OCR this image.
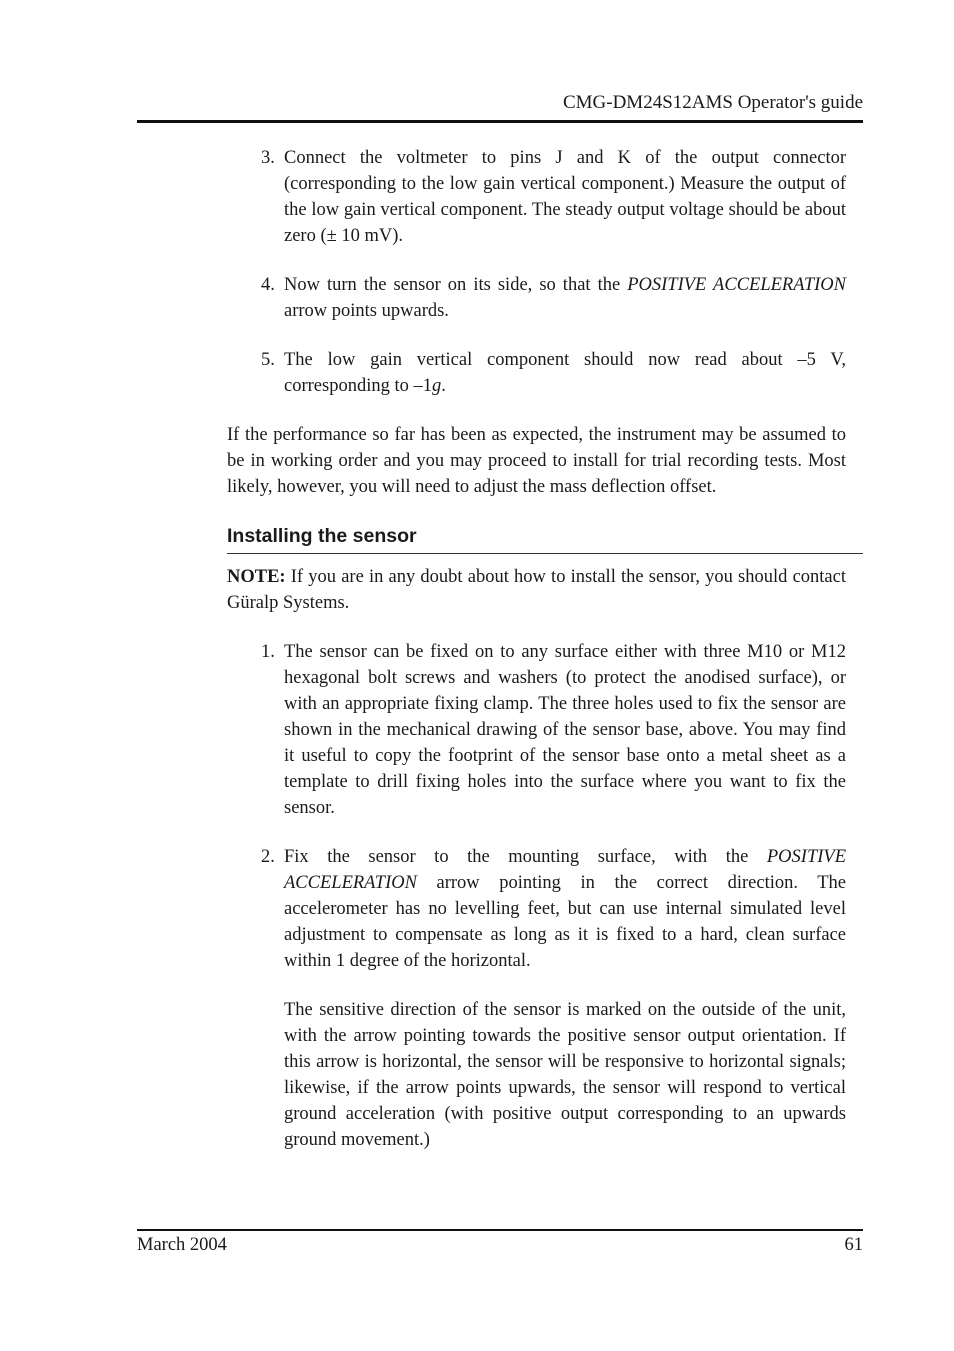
CMG-DM24S12AMS Operator's guide
3. Connect the voltmeter to pins J and K of the output connector (corresponding to the low gain vertical component.) Measure the output of the low gain vertical component. The steady output voltage should be about zero (± 10 mV).

4. Now turn the sensor on its side, so that the POSITIVE ACCELERATION arrow points upwards.

5. The low gain vertical component should now read about –5 V, corresponding to –1g.

If the performance so far has been as expected, the instrument may be assumed to be in working order and you may proceed to install for trial recording tests. Most likely, however, you will need to adjust the mass deflection offset.

Installing the sensor

NOTE: If you are in any doubt about how to install the sensor, you should contact Güralp Systems.

1. The sensor can be fixed on to any surface either with three M10 or M12 hexagonal bolt screws and washers (to protect the anodised surface), or with an appropriate fixing clamp. The three holes used to fix the sensor are shown in the mechanical drawing of the sensor base, above. You may find it useful to copy the footprint of the sensor base onto a metal sheet as a template to drill fixing holes into the surface where you want to fix the sensor.

2. Fix the sensor to the mounting surface, with the POSITIVE ACCELERATION arrow pointing in the correct direction. The accelerometer has no levelling feet, but can use internal simulated level adjustment to compensate as long as it is fixed to a hard, clean surface within 1 degree of the horizontal.

The sensitive direction of the sensor is marked on the outside of the unit, with the arrow pointing towards the positive sensor output orientation. If this arrow is horizontal, the sensor will be responsive to horizontal signals; likewise, if the arrow points upwards, the sensor will respond to vertical ground acceleration (with positive output corresponding to an upwards ground movement.)

March 2004	61
